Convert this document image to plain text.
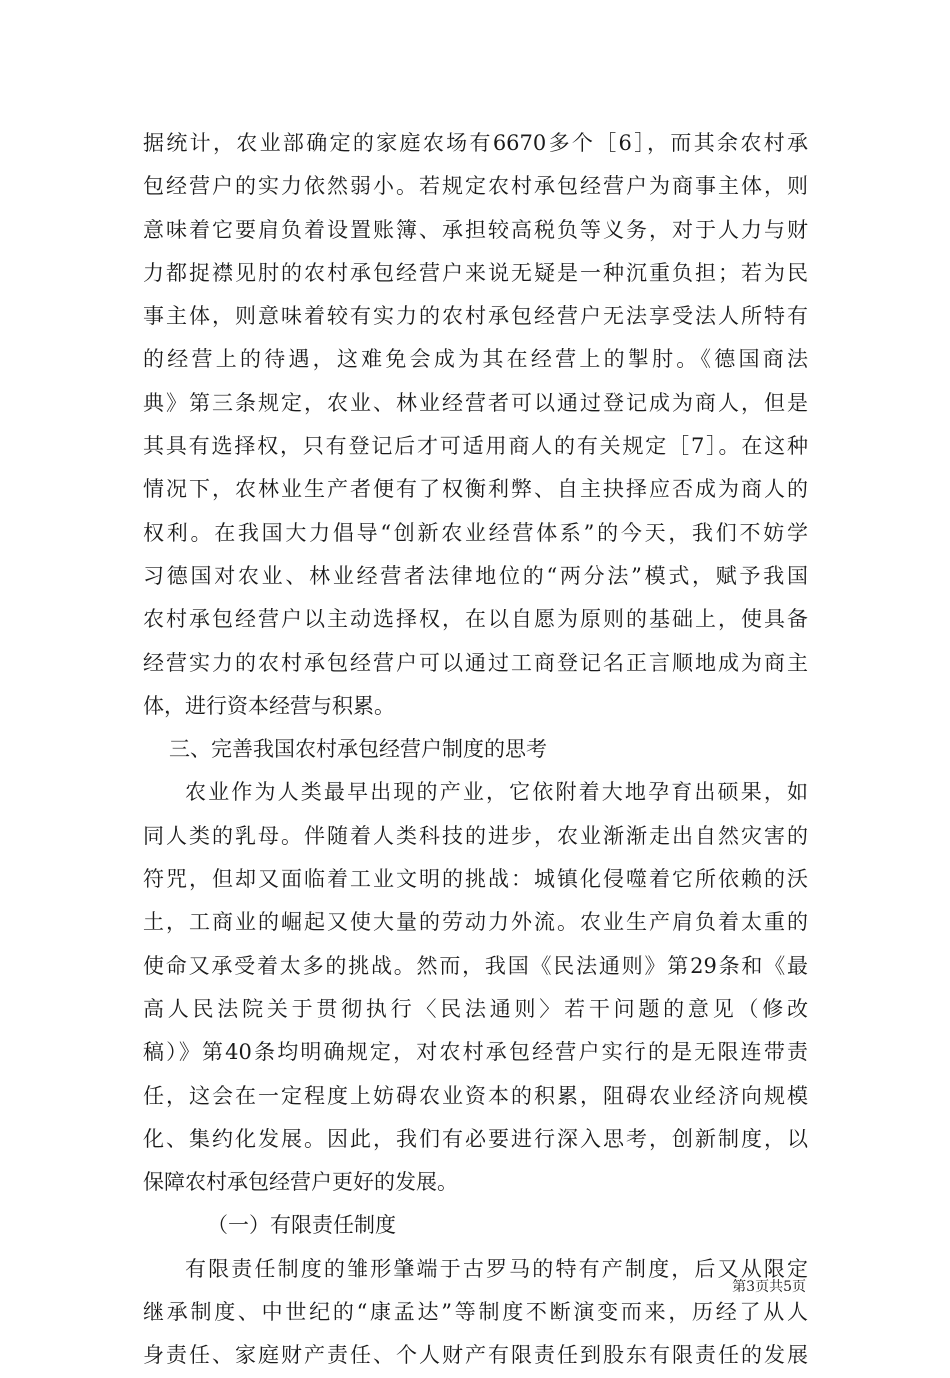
据统计，农业部确定的家庭农场有6670多个［6］，而其余农村承
包经营户的实力依然弱小。若规定农村承包经营户为商事主体，则
意味着它要肩负着设置账簿、承担较高税负等义务，对于人力与财
力都捉襟见肘的农村承包经营户来说无疑是一种沉重负担；若为民
事主体，则意味着较有实力的农村承包经营户无法享受法人所特有
的经营上的待遇，这难免会成为其在经营上的掣肘。《德国商法
典》第三条规定，农业、林业经营者可以通过登记成为商人，但是
其具有选择权，只有登记后才可适用商人的有关规定［7］。在这种
情况下，农林业生产者便有了权衡利弊、自主抉择应否成为商人的
权利。在我国大力倡导“创新农业经营体系”的今天，我们不妨学
习德国对农业、林业经营者法律地位的“两分法”模式，赋予我国
农村承包经营户以主动选择权，在以自愿为原则的基础上，使具备
经营实力的农村承包经营户可以通过工商登记名正言顺地成为商主
体，进行资本经营与积累。
三、完善我国农村承包经营户制度的思考
农业作为人类最早出现的产业，它依附着大地孕育出硕果，如
同人类的乳母。伴随着人类科技的进步，农业渐渐走出自然灾害的
符咒，但却又面临着工业文明的挑战：城镇化侵噬着它所依赖的沃
土，工商业的崛起又使大量的劳动力外流。农业生产肩负着太重的
使命又承受着太多的挑战。然而，我国《民法通则》第29条和《最
高人民法院关于贯彻执行〈民法通则〉若干问题的意见（修改
稿）》第40条均明确规定，对农村承包经营户实行的是无限连带责
任，这会在一定程度上妨碍农业资本的积累，阻碍农业经济向规模
化、集约化发展。因此，我们有必要进行深入思考，创新制度，以
保障农村承包经营户更好的发展。
（一）有限责任制度
有限责任制度的雏形肇端于古罗马的特有产制度，后又从限定
继承制度、中世纪的“康孟达”等制度不断演变而来，历经了从人
身责任、家庭财产责任、个人财产有限责任到股东有限责任的发展
第3页共5页
